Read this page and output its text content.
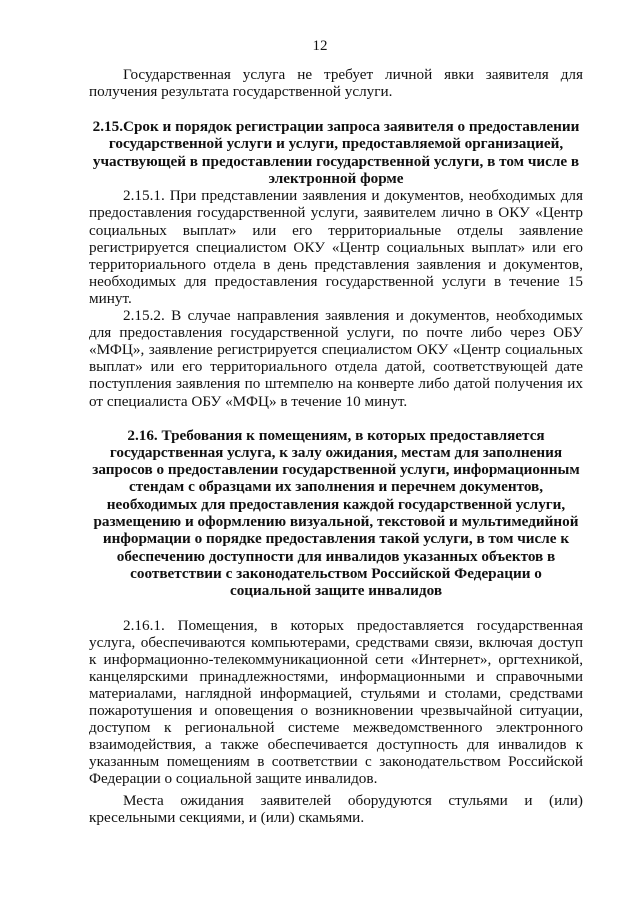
12

Государственная услуга не требует личной явки заявителя для получения результата государственной услуги.

2.15.Срок и порядок регистрации запроса заявителя о предоставлении государственной услуги и услуги, предоставляемой организацией, участвующей в предоставлении государственной услуги, в том числе в электронной форме

2.15.1. При представлении заявления и документов, необходимых для предоставления государственной услуги, заявителем лично в ОКУ «Центр социальных выплат» или его территориальные отделы заявление регистрируется специалистом ОКУ «Центр социальных выплат» или его территориального отдела в день представления заявления и документов, необходимых для предоставления государственной услуги в течение 15 минут.

2.15.2. В случае направления заявления и документов, необходимых для предоставления государственной услуги, по почте либо через ОБУ «МФЦ», заявление регистрируется специалистом ОКУ «Центр социальных выплат» или его территориального отдела датой, соответствующей дате поступления заявления по штемпелю на конверте либо датой получения их от специалиста ОБУ «МФЦ» в течение 10 минут.

2.16. Требования к помещениям, в которых предоставляется государственная услуга, к залу ожидания, местам для заполнения запросов о предоставлении государственной услуги, информационным стендам с образцами их заполнения и перечнем документов, необходимых для предоставления каждой государственной услуги, размещению и оформлению визуальной, текстовой и мультимедийной информации о порядке предоставления такой услуги, в том числе к обеспечению доступности для инвалидов указанных объектов в соответствии с законодательством Российской Федерации о социальной защите инвалидов

2.16.1. Помещения, в которых предоставляется государственная услуга, обеспечиваются компьютерами, средствами связи, включая доступ к информационно-телекоммуникационной сети «Интернет», оргтехникой, канцелярскими принадлежностями, информационными и справочными материалами, наглядной информацией, стульями и столами, средствами пожаротушения и оповещения о возникновении чрезвычайной ситуации, доступом к региональной системе межведомственного электронного взаимодействия, а также обеспечивается доступность для инвалидов к указанным помещениям в соответствии с законодательством Российской Федерации о социальной защите инвалидов.

Места ожидания заявителей оборудуются стульями и (или) кресельными секциями, и (или) скамьями.
